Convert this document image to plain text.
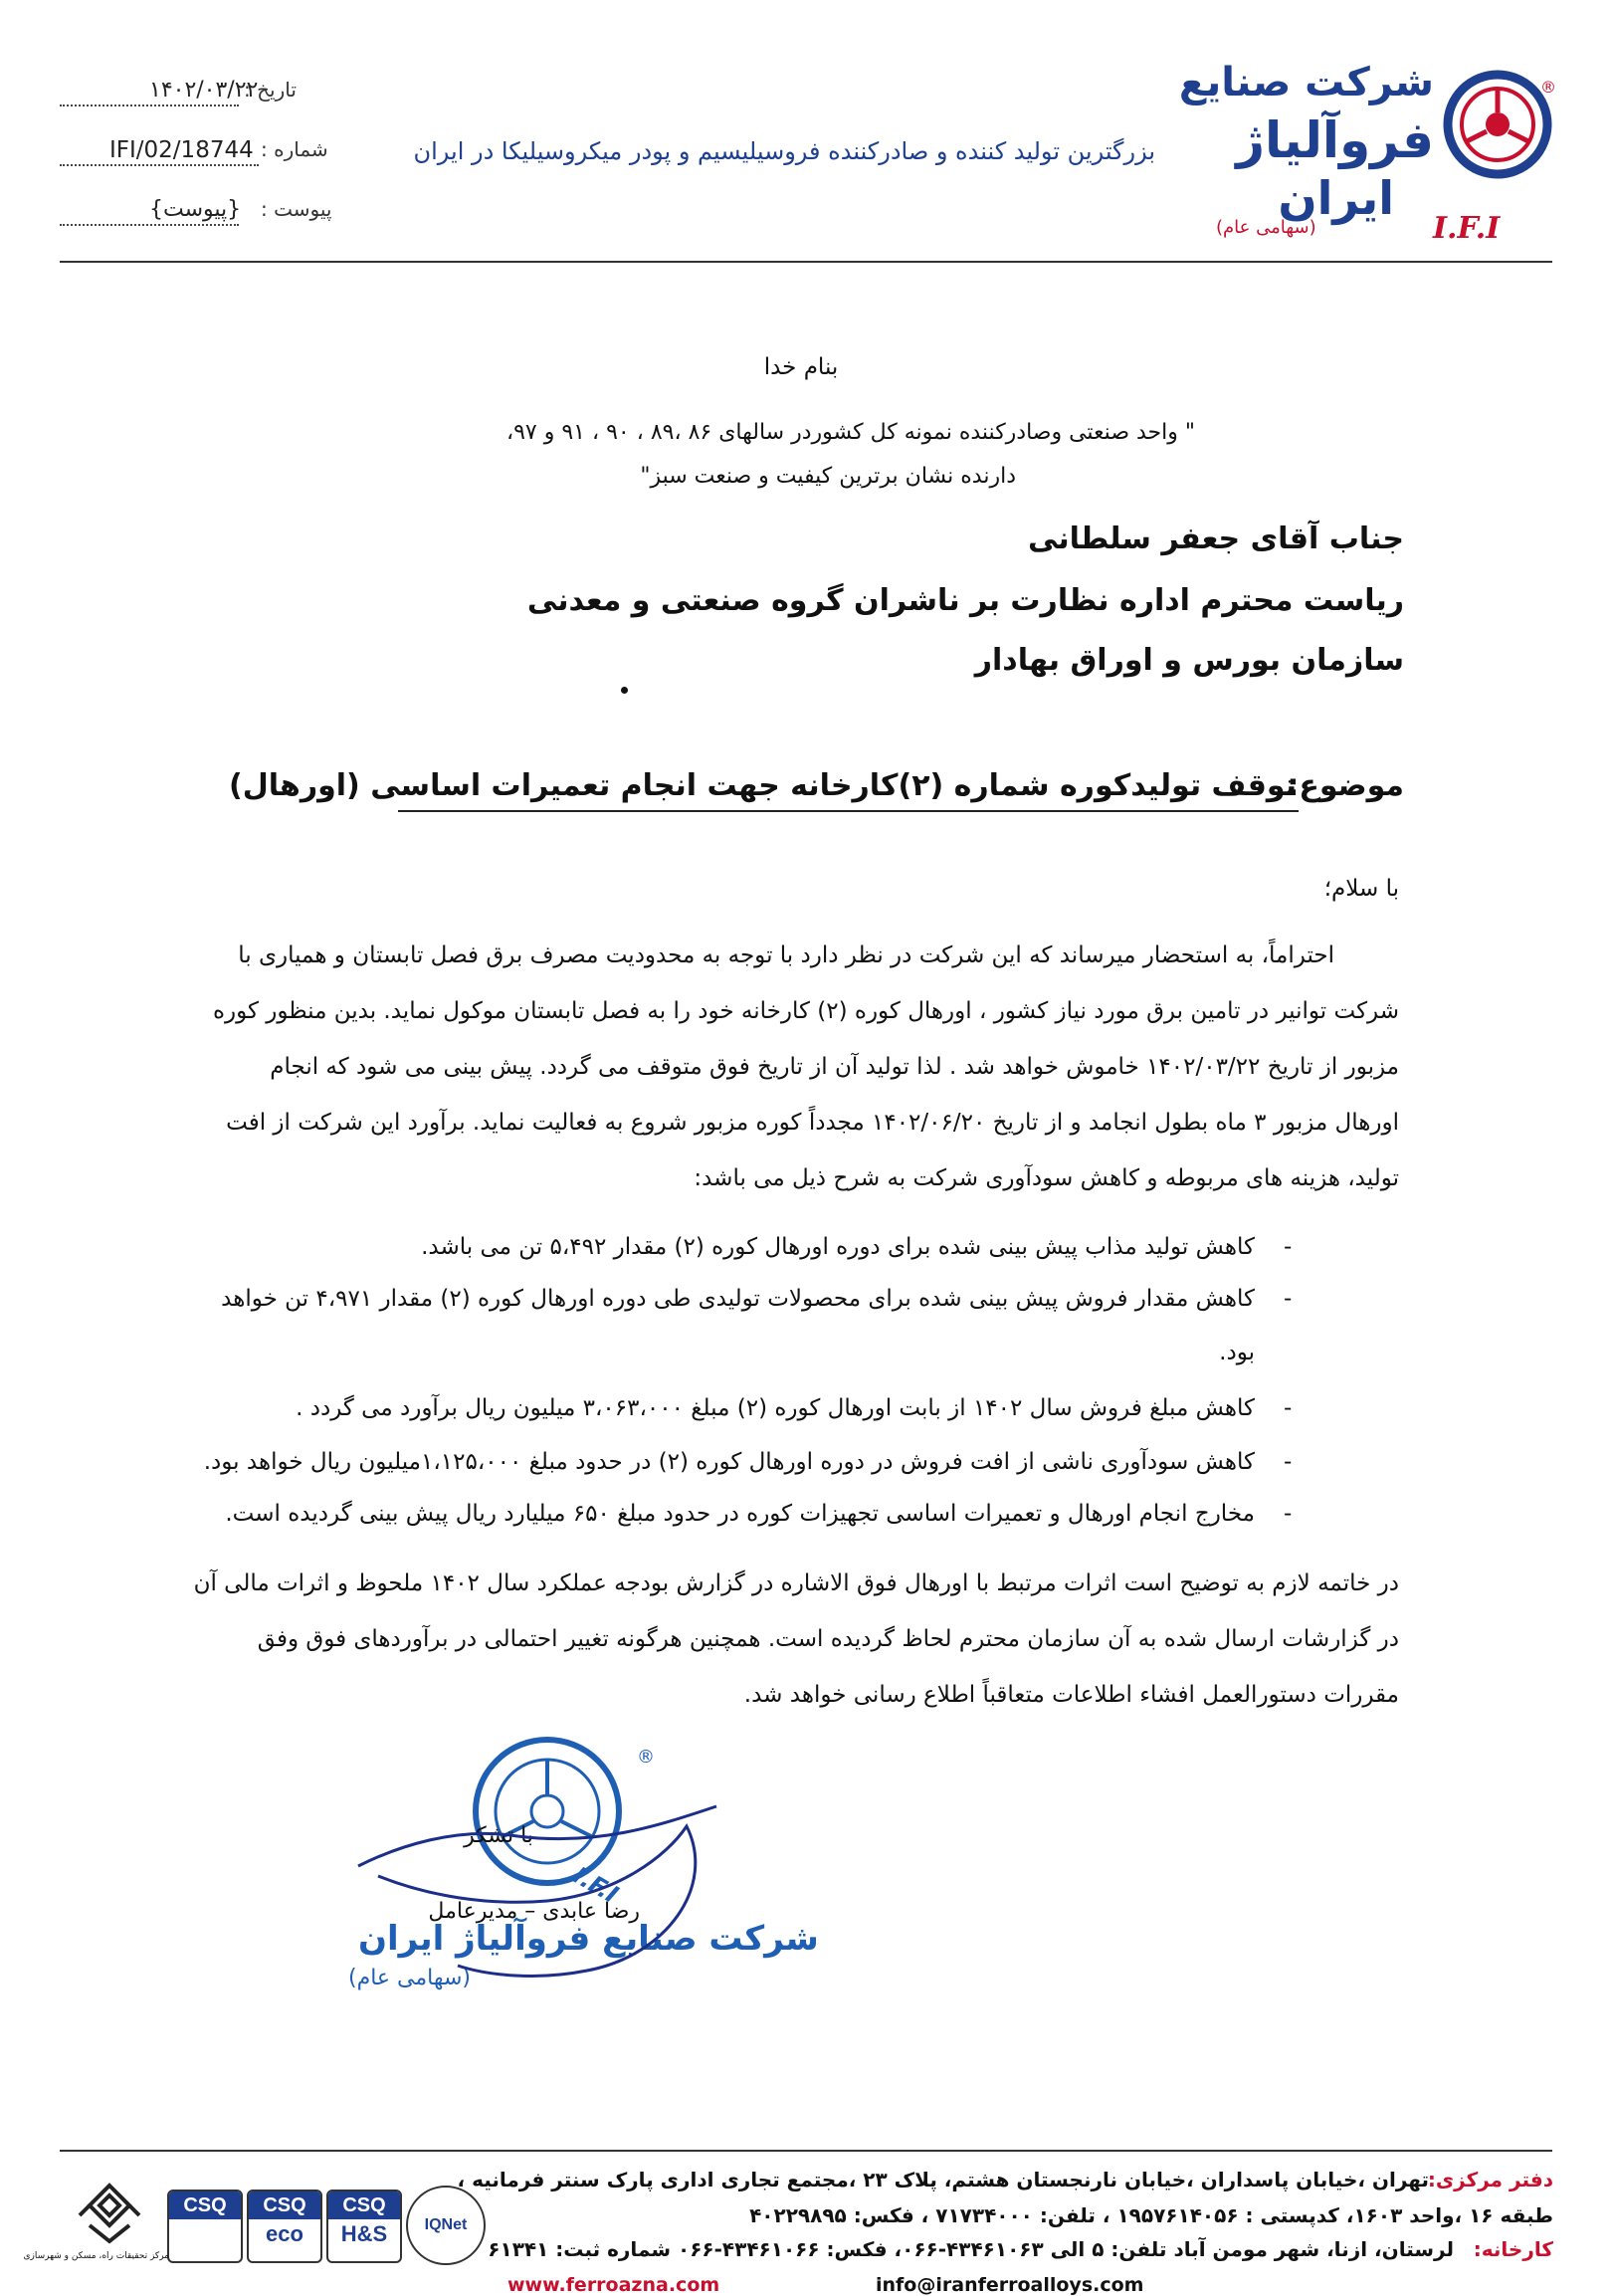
®
I.F.I
شرکت صنایع
فروآلیاژ
ایران
(سهامی عام)
بزرگترین تولید کننده و صادرکننده فروسیلیسیم و پودر میکروسیلیکا در ایران
تاریخ :
۱۴۰۲/۰۳/۲۲
شماره :
IFI/02/18744
پیوست :
{پیوست}
بنام خدا
" واحد صنعتی وصادرکننده نمونه کل کشوردر سالهای ۸۶ ،۸۹ ، ۹۰ ، ۹۱ و ۹۷،
دارنده نشان برترین کیفیت و صنعت سبز"
جناب آقای جعفر سلطانی
ریاست محترم اداره نظارت بر ناشران گروه صنعتی و معدنی
سازمان بورس و اوراق بهادار
موضوع:
توقف تولیدکوره شماره (۲)کارخانه جهت انجام تعمیرات اساسی (اورهال)
با سلام؛
احتراماً، به استحضار میرساند که این شرکت در نظر دارد با توجه به محدودیت مصرف برق فصل تابستان و همیاری با
شرکت توانیر در تامین برق مورد نیاز کشور ، اورهال کوره (۲) کارخانه خود را به فصل تابستان موکول نماید. بدین منظور کوره
مزبور از تاریخ ۱۴۰۲/۰۳/۲۲ خاموش خواهد شد . لذا تولید آن از تاریخ فوق متوقف می گردد. پیش بینی می شود که انجام
اورهال مزبور ۳ ماه بطول انجامد و از تاریخ ۱۴۰۲/۰۶/۲۰ مجدداً کوره مزبور شروع به فعالیت نماید. برآورد این شرکت از افت
تولید، هزینه های مربوطه و کاهش سودآوری شرکت به شرح ذیل می باشد:
-
کاهش تولید مذاب پیش بینی شده برای دوره اورهال کوره (۲) مقدار ۵،۴۹۲ تن می باشد.
-
کاهش مقدار فروش پیش بینی شده برای محصولات تولیدی طی دوره اورهال کوره (۲) مقدار ۴،۹۷۱ تن خواهد
بود.
-
کاهش مبلغ فروش سال ۱۴۰۲ از بابت اورهال کوره (۲) مبلغ ۳،۰۶۳،۰۰۰ میلیون ریال برآورد می گردد .
-
کاهش سودآوری ناشی از افت فروش در دوره اورهال کوره (۲) در حدود مبلغ ۱،۱۲۵،۰۰۰میلیون ریال خواهد بود.
-
مخارج انجام اورهال و تعمیرات اساسی تجهیزات کوره در حدود مبلغ ۶۵۰ میلیارد ریال پیش بینی گردیده است.
در خاتمه لازم به توضیح است اثرات مرتبط با اورهال فوق الاشاره در گزارش بودجه عملکرد سال ۱۴۰۲ ملحوظ و اثرات مالی آن
در گزارشات ارسال شده به آن سازمان محترم لحاظ گردیده است. همچنین هرگونه تغییر احتمالی در برآوردهای فوق وفق
مقررات دستورالعمل افشاء اطلاعات متعاقباً اطلاع رسانی خواهد شد.
®
I.F.I
با تشکر
رضا عابدی – مدیرعامل
شرکت صنایع فروآلیاژ ایران
(سهامی عام)
دفتر مرکزی:
تهران ،خیابان پاسداران ،خیابان نارنجستان هشتم، پلاک ۲۳ ،مجتمع تجاری اداری پارک سنتر فرمانیه ،
طبقه ۱۶ ،واحد ۱۶۰۳، کدپستی : ۱۹۵۷۶۱۴۰۵۶ ، تلفن: ۷۱۷۳۴۰۰۰ ، فکس: ۴۰۲۲۹۸۹۵
کارخانه:
لرستان، ازنا، شهر مومن آباد تلفن: ۵ الی ۴۳۴۶۱۰۶۳-۰۶۶، فکس: ۴۳۴۶۱۰۶۶-۰۶۶ شماره ثبت: ۶۱۳۴۱
www.ferroazna.com	info@iranferroalloys.com
CSQ	CSQ
eco
CSQ
H&S	IQNet
مرکز تحقیقات راه، مسکن و شهرسازی
